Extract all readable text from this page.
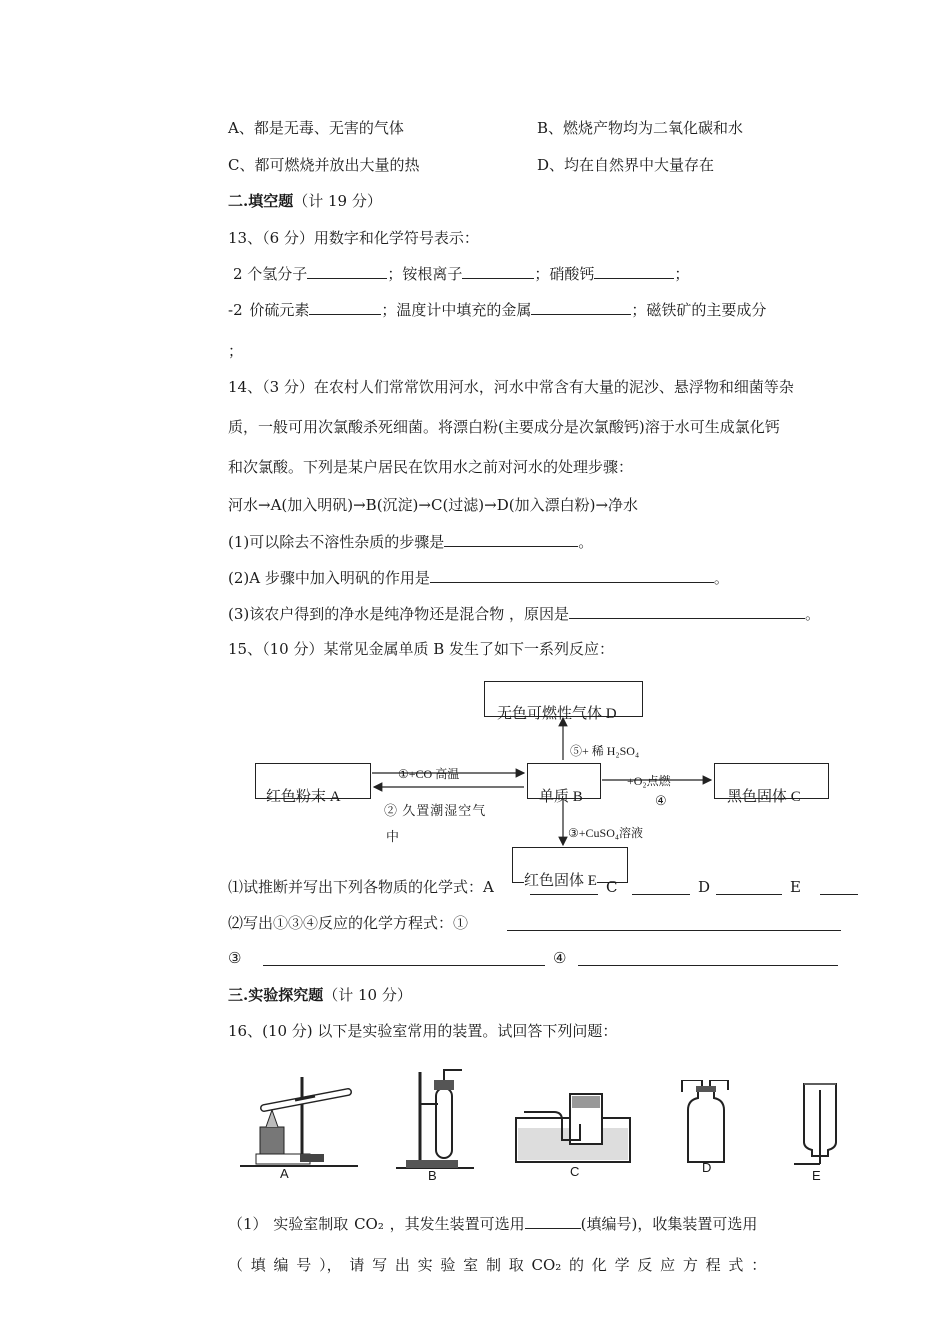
A、都是无毒、无害的气体	B、燃烧产物均为二氧化碳和水
C、都可燃烧并放出大量的热	D、均在自然界中大量存在
二.填空题（计 19 分）
13、（6 分）用数字和化学符号表示：
2 个氢分子	；铵根离子	；硝酸钙	；
-2 价硫元素	；温度计中填充的金属	；磁铁矿的主要成分
；
14、（3 分）在农村人们常常饮用河水，河水中常含有大量的泥沙、悬浮物和细菌等杂
质，一般可用次氯酸杀死细菌。将漂白粉(主要成分是次氯酸钙)溶于水可生成氯化钙
和次氯酸。下列是某户居民在饮用水之前对河水的处理步骤：
河水→A(加入明矾)→B(沉淀)→C(过滤)→D(加入漂白粉)→净水
(1)可以除去不溶性杂质的步骤是	。
(2)A 步骤中加入明矾的作用是	。
(3)该农户得到的净水是纯净物还是混合物 ，原因是	。
15、（10 分）某常见金属单质 B 发生了如下一系列反应：
无色可燃性气体 D
红色粉末 A	单质 B	黑色固体 C
红色固体 E
①+CO 高温
② 久置潮湿空气
中
⑤+ 稀 H₂SO₄
③+CuSO₄溶液
+O₂点燃
④
⑴试推断并写出下列各物质的化学式：A	C	D	E
⑵写出①③④反应的化学方程式：①
③	④
三.实验探究题（计 10 分）
16、(10 分) 以下是实验室常用的装置。试回答下列问题：
A	B	C	D
E
（1） 实验室制取 CO₂ ，其发生装置可选用	(填编号)，收集装置可选用
（ 填 编 号 ）， 请 写 出 实 验 室 制 取 CO₂ 的 化 学 反 应 方 程 式 ：
